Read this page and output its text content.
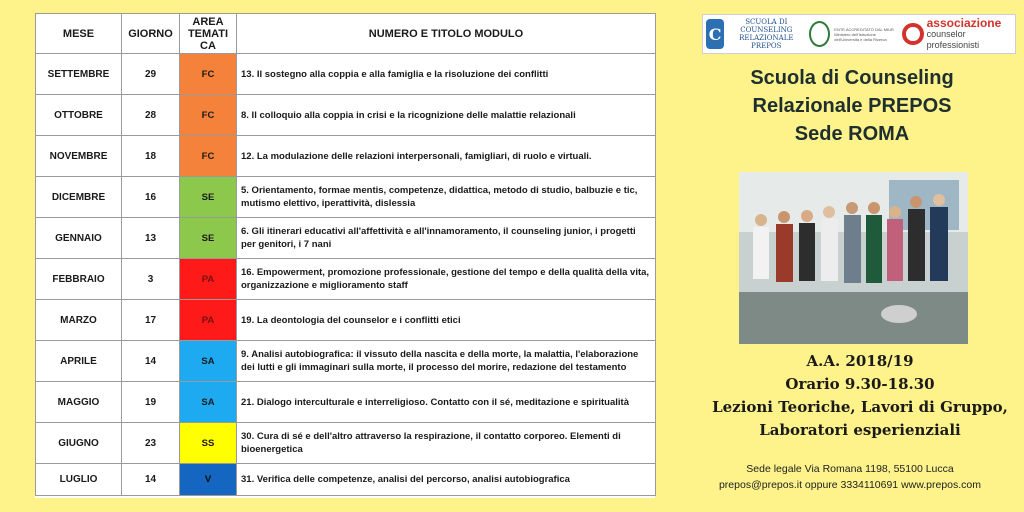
MESE	GIORNO	AREA TEMATI CA	NUMERO E TITOLO MODULO
SETTEMBRE	29	FC	13. Il sostegno alla coppia e alla famiglia e la risoluzione dei conflitti
OTTOBRE	28	FC	8. Il colloquio alla coppia in crisi e la ricognizione delle malattie relazionali
NOVEMBRE	18	FC	12. La modulazione delle relazioni interpersonali, famigliari, di ruolo e virtuali.
DICEMBRE	16	SE	5. Orientamento, formae mentis, competenze, didattica, metodo di studio, balbuzie e tic, mutismo elettivo, iperattività, dislessia
GENNAIO	13	SE	6. Gli itinerari educativi all'affettività e all'innamoramento, il counseling junior, i progetti per genitori, i 7 nani
FEBBRAIO	3	PA	16. Empowerment, promozione professionale, gestione del tempo e della qualità della vita, organizzazione e miglioramento staff
MARZO	17	PA	19. La deontologia del counselor e i conflitti etici
APRILE	14	SA	9. Analisi autobiografica: il vissuto della nascita e della morte, la malattia, l'elaborazione dei lutti e gli immaginari sulla morte, il processo del morire, redazione del testamento
MAGGIO	19	SA	21. Dialogo interculturale e interreligioso. Contatto con il sé, meditazione e spiritualità
GIUGNO	23	SS	30. Cura di sé e dell'altro attraverso la respirazione, il contatto corporeo. Elementi di bioenergetica
LUGLIO	14	V	31. Verifica delle competenze, analisi del percorso, analisi autobiografica
C
SCUOLA DI COUNSELING RELAZIONALE
PREPOS
ENTE ACCREDITATO DAL MIUR Ministero dell'Istruzione dell'Università e della Ricerca
associazione
counselor professionisti
Scuola di Counseling
Relazionale PREPOS
Sede ROMA
A.A. 2018/19
Orario 9.30-18.30
Lezioni Teoriche, Lavori di Gruppo,
Laboratori esperienziali
Sede legale Via Romana 1198, 55100 Lucca
prepos@prepos.it oppure 3334110691 www.prepos.com
